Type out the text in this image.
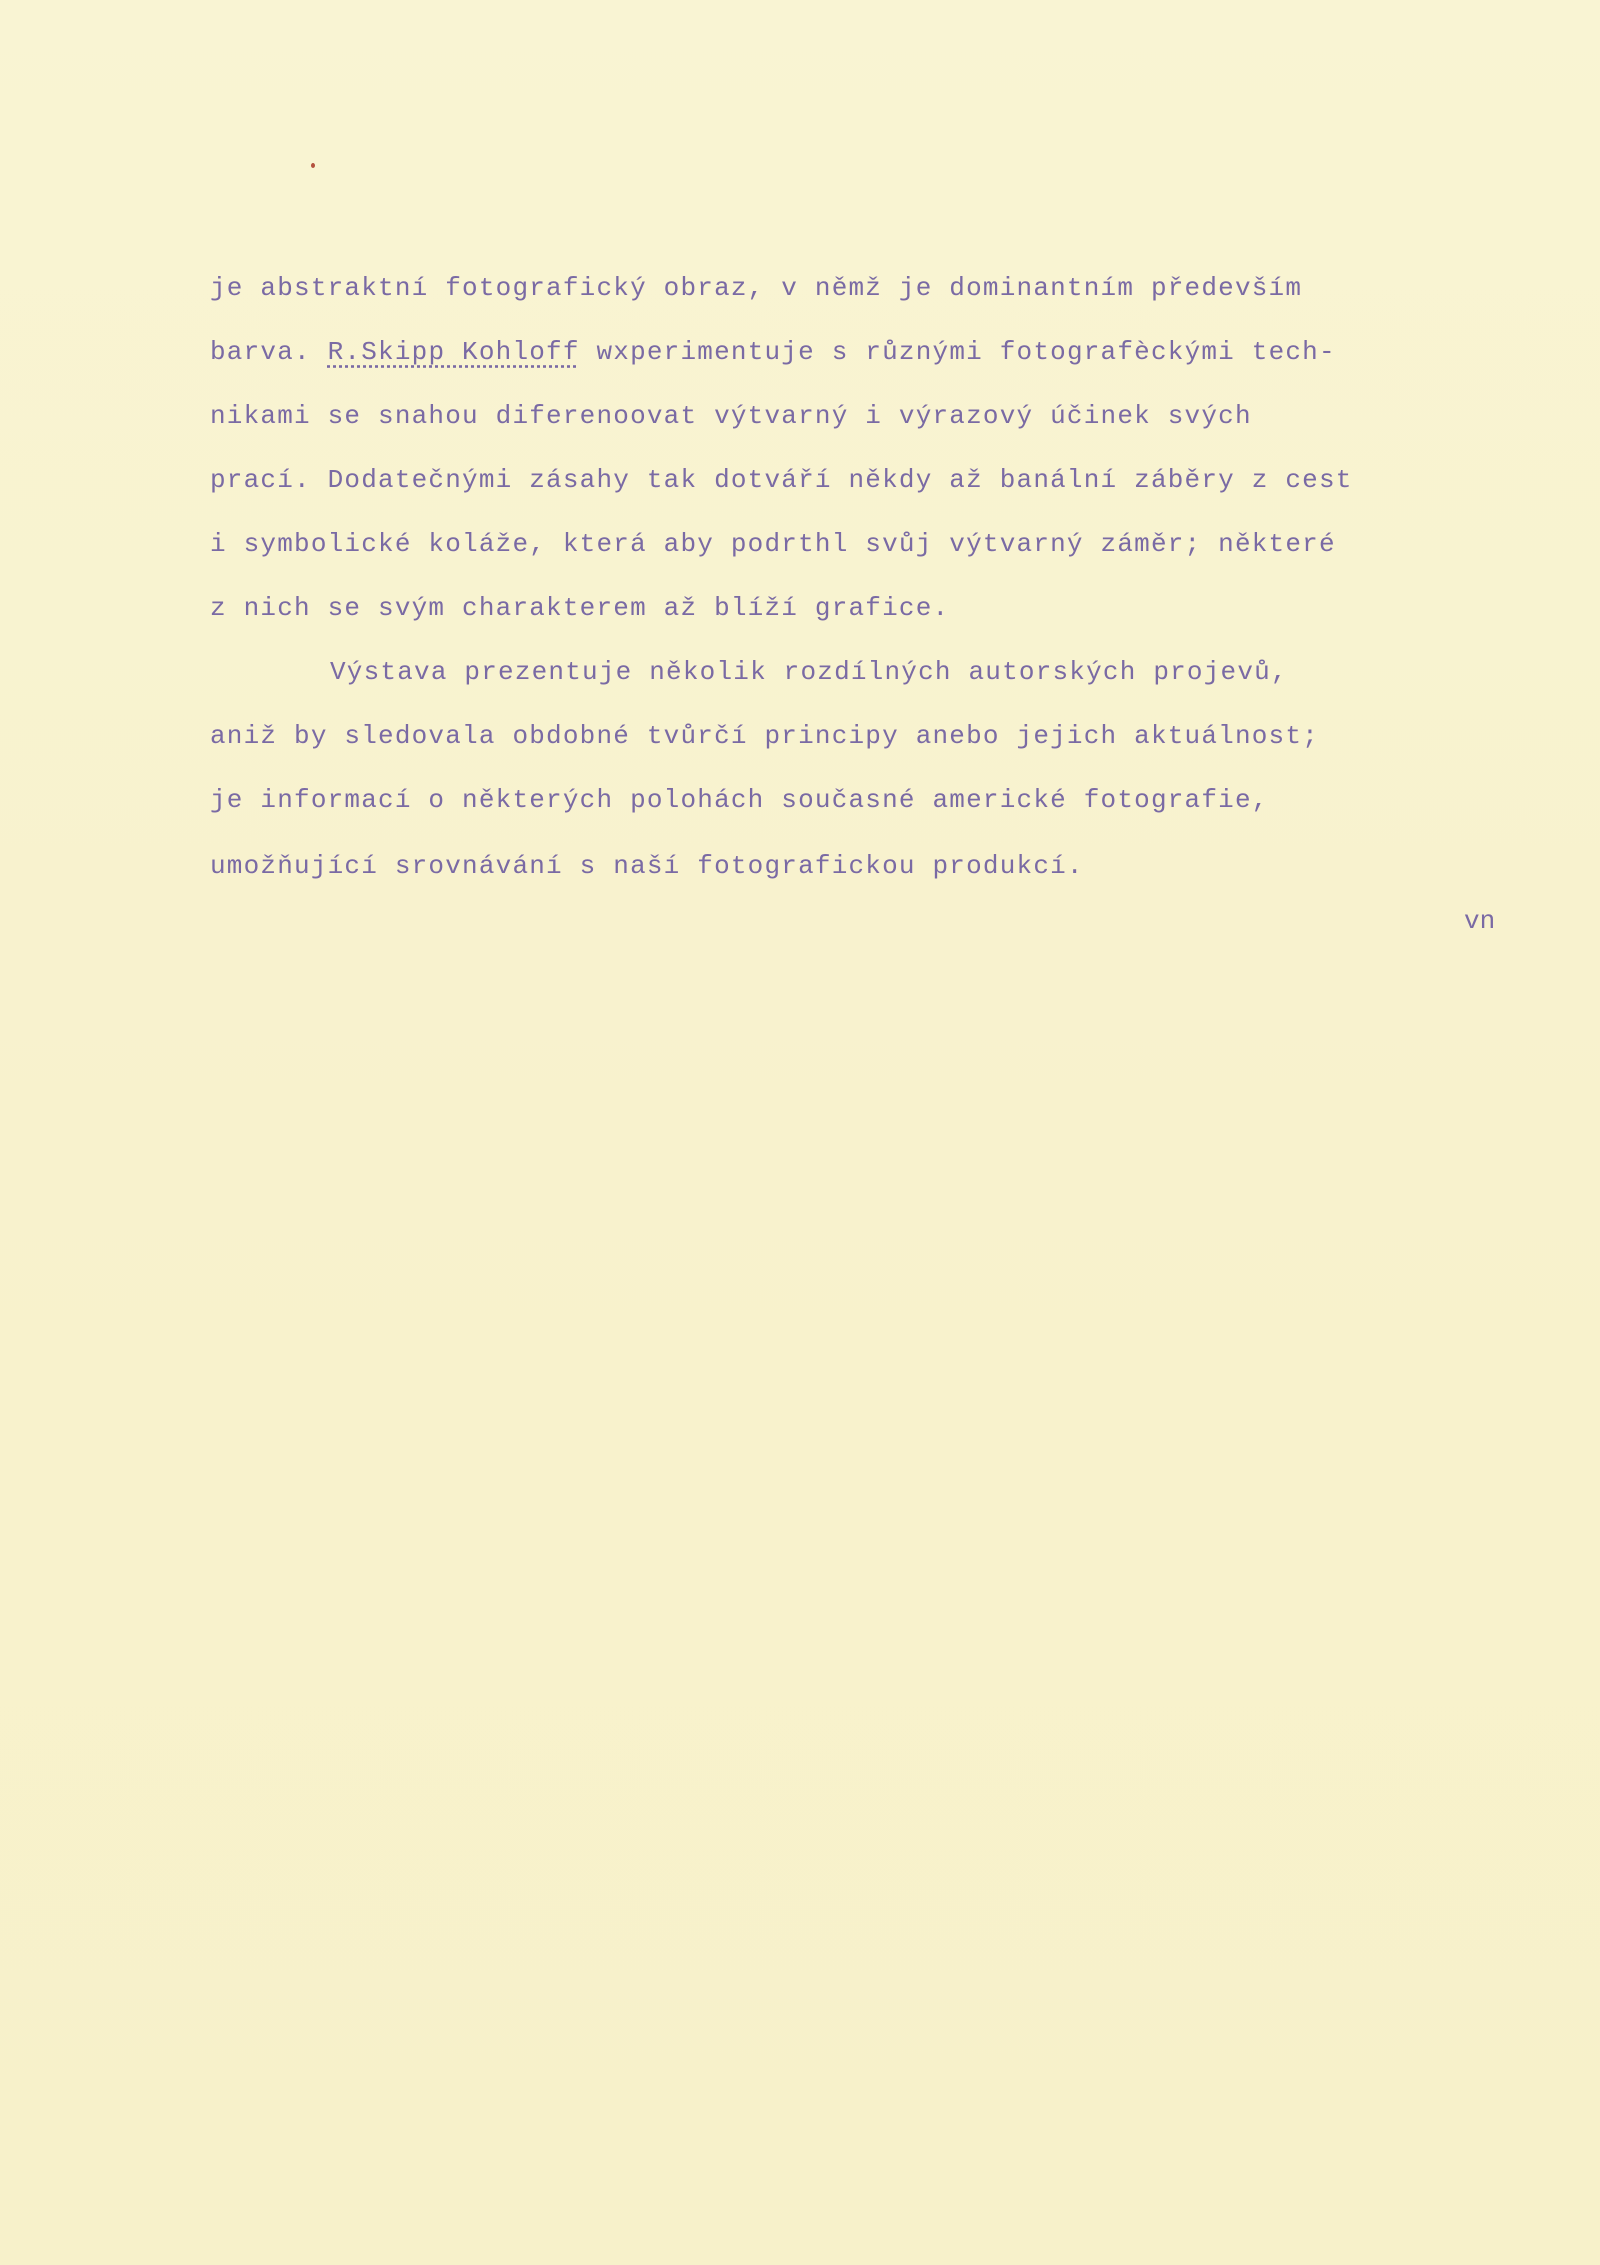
je abstraktní fotografický obraz, v němž je dominantním především
barva. R.Skipp Kohloff wxperimentuje s různými fotografèckými tech-
nikami se snahou diferenoovat výtvarný i výrazový účinek svých
prací. Dodatečnými zásahy tak dotváří někdy až banální záběry z cest
i symbolické koláže, která aby podrthl svůj výtvarný záměr; některé
z nich se svým charakterem až blíží grafice.
Výstava prezentuje několik rozdílných autorských projevů,
aniž by sledovala obdobné tvůrčí principy anebo jejich aktuálnost;
je informací o některých polohách současné americké fotografie,
umožňující srovnávání s naší fotografickou produkcí.
vn
